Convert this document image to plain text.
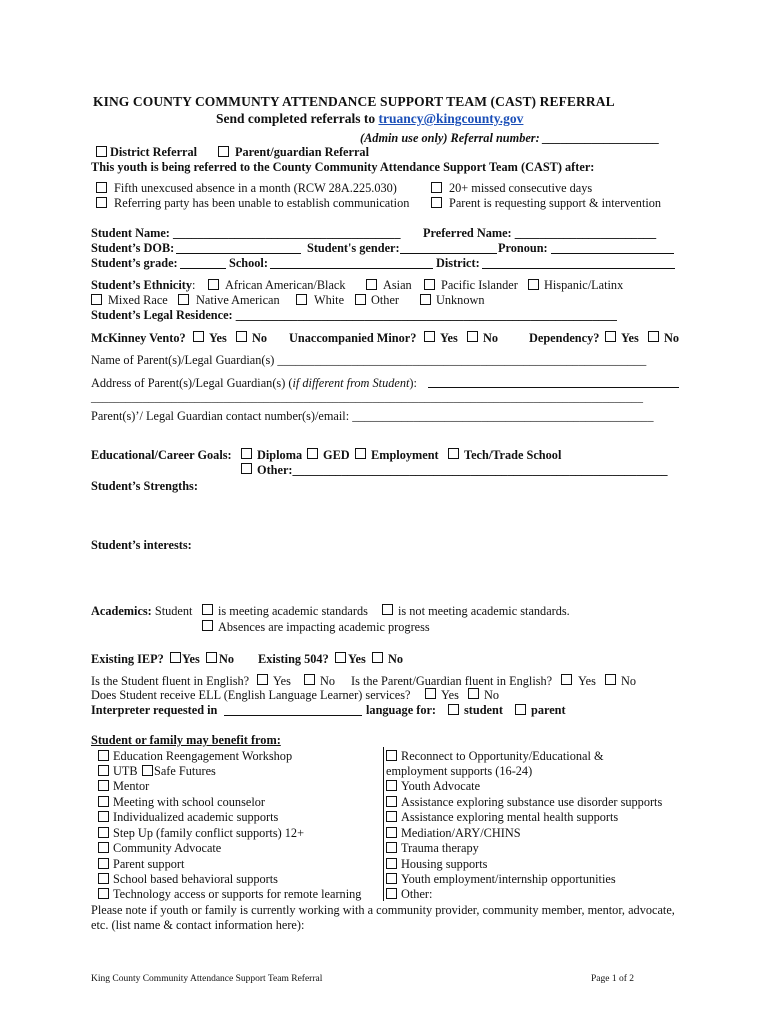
KING COUNTY COMMUNTY ATTENDANCE SUPPORT TEAM (CAST) REFERRAL
Send completed referrals to truancy@kingcounty.gov
(Admin use only) Referral number: ___________________
District Referral	Parent/guardian Referral
This youth is being referred to the County Community Attendance Support Team (CAST) after:
Fifth unexcused absence in a month (RCW 28A.225.030)	20+ missed consecutive days
Referring party has been unable to establish communication	Parent is requesting support & intervention
Student Name: _____________________________________ Preferred Name: _______________________
Student’s DOB:	Student's gender:	Pronoun:
Student’s grade:	School:	District:
Student’s Ethnicity: African American/Black	Asian Pacific Islander Hispanic/Latinx
Mixed Race Native American	White Other	Unknown
Student’s Legal Residence: ______________________________________________________________
McKinney Vento? Yes No Unaccompanied Minor? Yes No	Dependency? Yes No
Name of Parent(s)/Legal Guardian(s) ____________________________________________________________
Address of Parent(s)/Legal Guardian(s) (if different from Student):
________________________________________________________________________________________________
Parent(s)’/ Legal Guardian contact number(s)/email: _________________________________________________
Educational/Career Goals: Diploma GED Employment Tech/Trade School
Other:_____________________________________________________________
Student’s Strengths:
Student’s interests:
Academics: Student is meeting academic standards is not meeting academic standards.
Absences are impacting academic progress
Existing IEP? Yes No Existing 504? Yes No
Is the Student fluent in English? Yes No Is the Parent/Guardian fluent in English? Yes No
Does Student receive ELL (English Language Learner) services? Yes No
Interpreter requested in	language for: student parent
Student or family may benefit from:
Education Reengagement Workshop
UTB Safe Futures
Mentor
Meeting with school counselor
Individualized academic supports
Step Up (family conflict supports) 12+
Community Advocate
Parent support
School based behavioral supports
Technology access or supports for remote learning
Reconnect to Opportunity/Educational &
employment supports (16-24)
Youth Advocate
Assistance exploring substance use disorder supports
Assistance exploring mental health supports
Mediation/ARY/CHINS
Trauma therapy
Housing supports
Youth employment/internship opportunities
Other:
Please note if youth or family is currently working with a community provider, community member, mentor, advocate,
etc. (list name & contact information here):
King County Community Attendance Support Team Referral	Page 1 of 2
